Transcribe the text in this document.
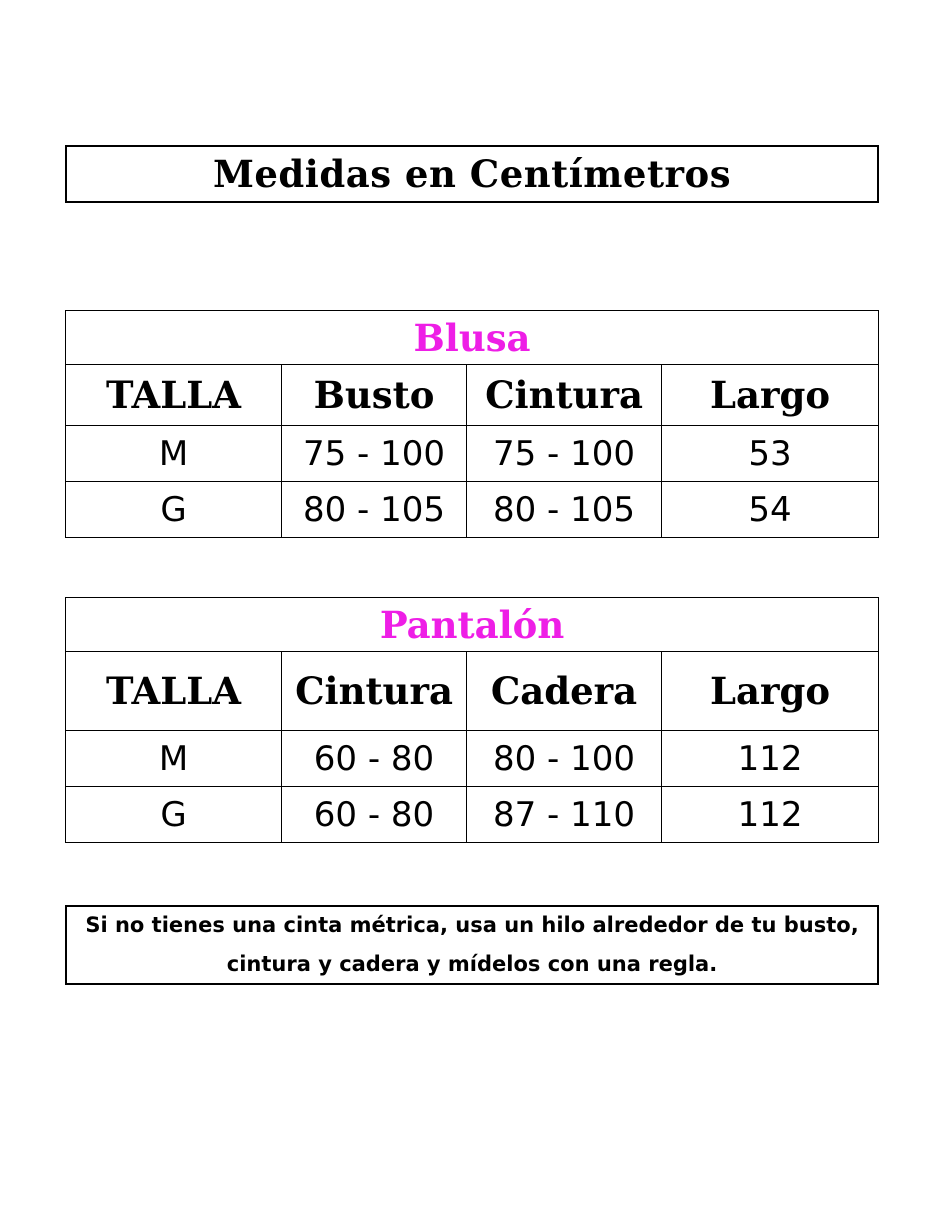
Medidas en Centímetros
Blusa			
TALLA	Busto	Cintura	Largo
M	75 - 100	75 - 100	53
G	80 - 105	80 - 105	54
Pantalón			
TALLA	Cintura	Cadera	Largo
M	60 - 80	80 - 100	112
G	60 - 80	87 - 110	112
Si no tienes una cinta métrica, usa un hilo alrededor de tu busto,
cintura y cadera y mídelos con una regla.
